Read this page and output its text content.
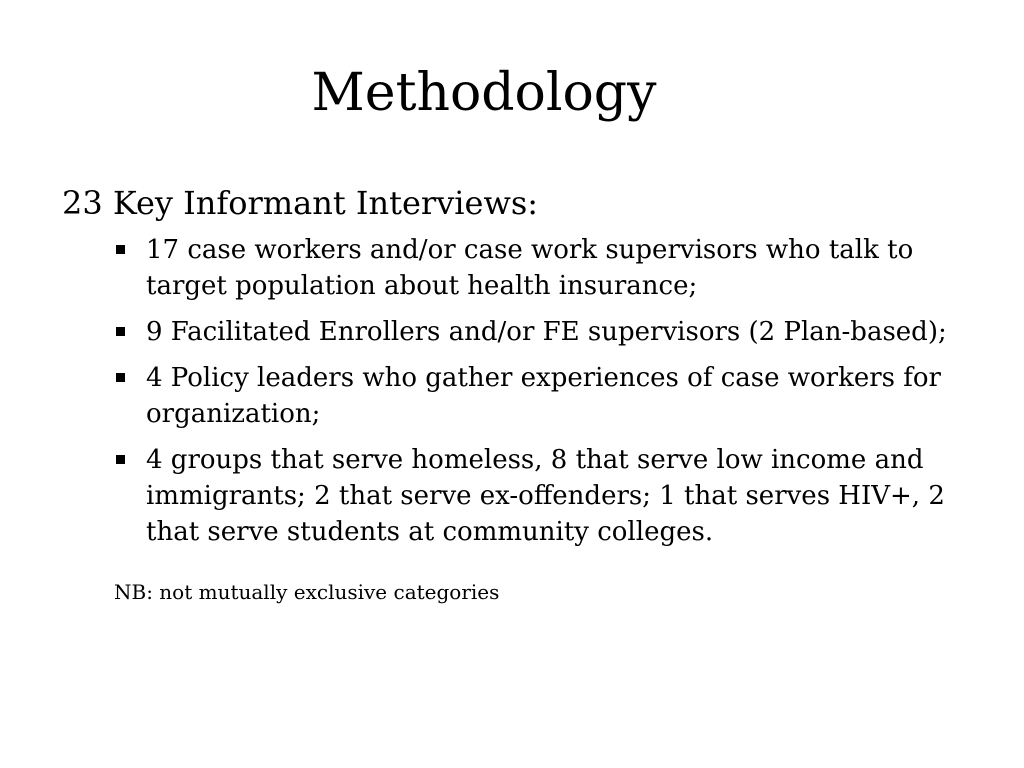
Methodology
23 Key Informant Interviews:
17 case workers and/or case work supervisors who talk to target population about health insurance;
9 Facilitated Enrollers and/or FE supervisors (2 Plan-based);
4 Policy leaders who gather experiences of case workers for organization;
4 groups that serve homeless, 8 that serve low income and immigrants; 2 that serve ex-offenders; 1 that serves HIV+, 2 that serve students at community colleges.
NB: not mutually exclusive categories
